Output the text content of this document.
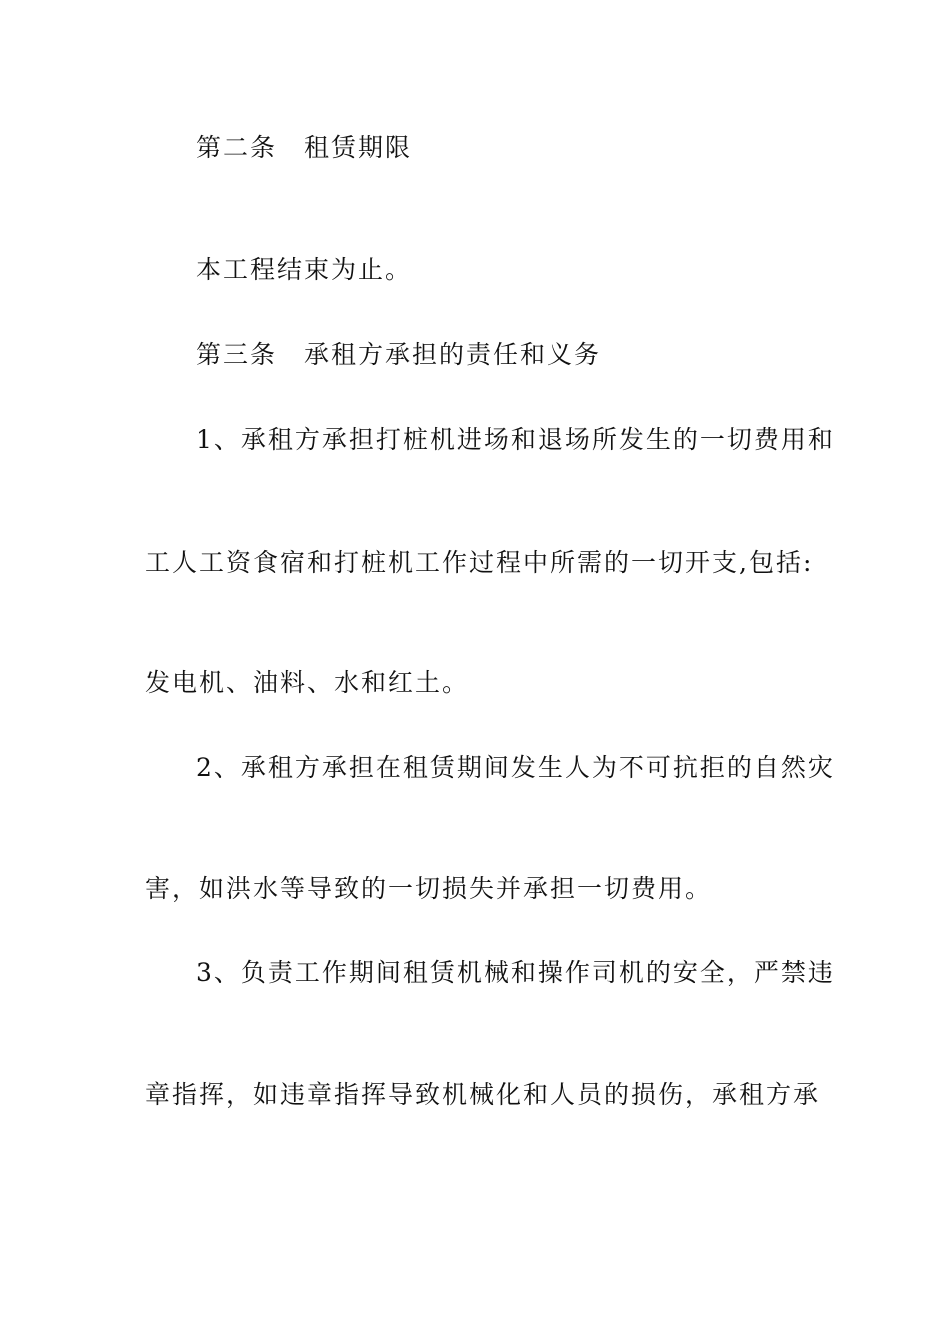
第二条　租赁期限

本工程结束为止。

第三条　承租方承担的责任和义务

1、承租方承担打桩机进场和退场所发生的一切费用和

工人工资食宿和打桩机工作过程中所需的一切开支,包括:

发电机、油料、水和红土。

2、承租方承担在租赁期间发生人为不可抗拒的自然灾

害，如洪水等导致的一切损失并承担一切费用。

3、负责工作期间租赁机械和操作司机的安全，严禁违

章指挥，如违章指挥导致机械化和人员的损伤，承租方承
